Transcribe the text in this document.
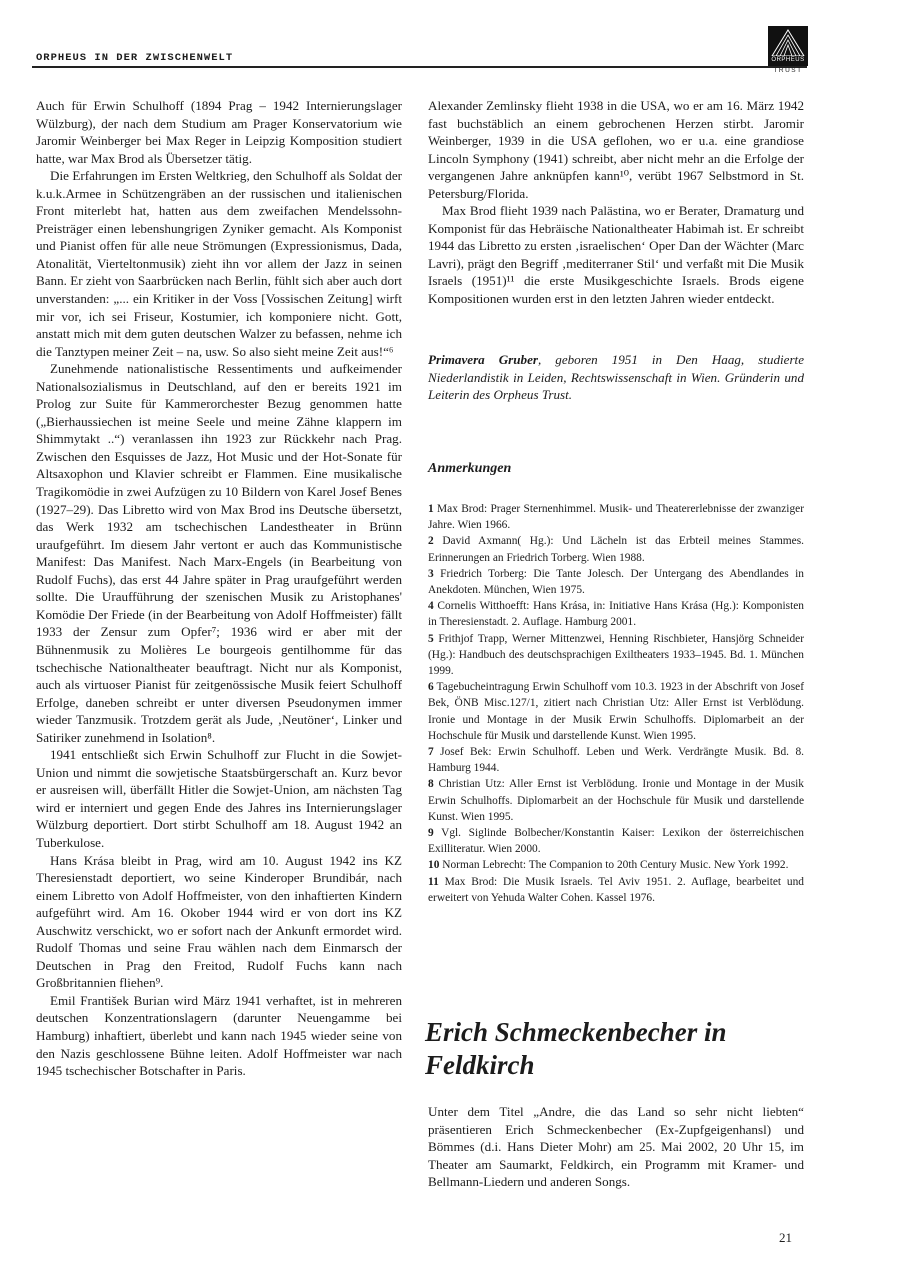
ORPHEUS IN DER ZWISCHENWELT	ORPHEUS
TRUST

Auch für Erwin Schulhoff (1894 Prag – 1942 Internierungslager Wülzburg), der nach dem Studium am Prager Konservatorium wie Jaromir Weinberger bei Max Reger in Leipzig Komposition studiert hatte, war Max Brod als Übersetzer tätig.

Die Erfahrungen im Ersten Weltkrieg, den Schulhoff als Soldat der k.u.k.Armee in Schützengräben an der russischen und italienischen Front miterlebt hat, hatten aus dem zweifachen Mendelssohn-Preisträger einen lebenshungrigen Zyniker gemacht. Als Komponist und Pianist offen für alle neue Strömungen (Expressionismus, Dada, Atonalität, Vierteltonmusik) zieht ihn vor allem der Jazz in seinen Bann. Er zieht von Saarbrücken nach Berlin, fühlt sich aber auch dort unverstanden: „... ein Kritiker in der Voss [Vossischen Zeitung] wirft mir vor, ich sei Friseur, Kostumier, ich komponiere nicht. Gott, anstatt mich mit dem guten deutschen Walzer zu befassen, nehme ich die Tanztypen meiner Zeit – na, usw. So also sieht meine Zeit aus!“⁶

Zunehmende nationalistische Ressentiments und aufkeimender Nationalsozialismus in Deutschland, auf den er bereits 1921 im Prolog zur Suite für Kammerorchester Bezug genommen hatte („Bierhaussiechen ist meine Seele und meine Zähne klappern im Shimmytakt ..“) veranlassen ihn 1923 zur Rückkehr nach Prag. Zwischen den Esquisses de Jazz, Hot Music und der Hot-Sonate für Altsaxophon und Klavier schreibt er Flammen. Eine musikalische Tragikomödie in zwei Aufzügen zu 10 Bildern von Karel Josef Benes (1927–29). Das Libretto wird von Max Brod ins Deutsche übersetzt, das Werk 1932 am tschechischen Landestheater in Brünn uraufgeführt. Im diesem Jahr vertont er auch das Kommunistische Manifest: Das Manifest. Nach Marx-Engels (in Bearbeitung von Rudolf Fuchs), das erst 44 Jahre später in Prag uraufgeführt werden sollte. Die Uraufführung der szenischen Musik zu Aristophanes' Komödie Der Friede (in der Bearbeitung von Adolf Hoffmeister) fällt 1933 der Zensur zum Opfer⁷; 1936 wird er aber mit der Bühnenmusik zu Molières Le bourgeois gentilhomme für das tschechische Nationaltheater beauftragt. Nicht nur als Komponist, auch als virtuoser Pianist für zeitgenössische Musik feiert Schulhoff Erfolge, daneben schreibt er unter diversen Pseudonymen immer wieder Tanzmusik. Trotzdem gerät als Jude, ‚Neutöner‘, Linker und Satiriker zunehmend in Isolation⁸.

1941 entschließt sich Erwin Schulhoff zur Flucht in die Sowjet-Union und nimmt die sowjetische Staatsbürgerschaft an. Kurz bevor er ausreisen will, überfällt Hitler die Sowjet-Union, am nächsten Tag wird er interniert und gegen Ende des Jahres ins Internierungslager Wülzburg deportiert. Dort stirbt Schulhoff am 18. August 1942 an Tuberkulose.

Hans Krása bleibt in Prag, wird am 10. August 1942 ins KZ Theresienstadt deportiert, wo seine Kinderoper Brundibár, nach einem Libretto von Adolf Hoffmeister, von den inhaftierten Kindern aufgeführt wird. Am 16. Okober 1944 wird er von dort ins KZ Auschwitz verschickt, wo er sofort nach der Ankunft ermordet wird. Rudolf Thomas und seine Frau wählen nach dem Einmarsch der Deutschen in Prag den Freitod, Rudolf Fuchs kann nach Großbritannien fliehen⁹.

Emil František Burian wird März 1941 verhaftet, ist in mehreren deutschen Konzentrationslagern (darunter Neuengamme bei Hamburg) inhaftiert, überlebt und kann nach 1945 wieder seine von den Nazis geschlossene Bühne leiten. Adolf Hoffmeister war nach 1945 tschechischer Botschafter in Paris.

Alexander Zemlinsky flieht 1938 in die USA, wo er am 16. März 1942 fast buchstäblich an einem gebrochenen Herzen stirbt. Jaromir Weinberger, 1939 in die USA geflohen, wo er u.a. eine grandiose Lincoln Symphony (1941) schreibt, aber nicht mehr an die Erfolge der vergangenen Jahre anknüpfen kann¹⁰, verübt 1967 Selbstmord in St. Petersburg/Florida.

Max Brod flieht 1939 nach Palästina, wo er Berater, Dramaturg und Komponist für das Hebräische Nationaltheater Habimah ist. Er schreibt 1944 das Libretto zu ersten ‚israelischen‘ Oper Dan der Wächter (Marc Lavri), prägt den Begriff ‚mediterraner Stil‘ und verfaßt mit Die Musik Israels (1951)¹¹ die erste Musikgeschichte Israels. Brods eigene Kompositionen wurden erst in den letzten Jahren wieder entdeckt.

Primavera Gruber, geboren 1951 in Den Haag, studierte Niederlandistik in Leiden, Rechtswissenschaft in Wien. Gründerin und Leiterin des Orpheus Trust.
Anmerkungen

1 Max Brod: Prager Sternenhimmel. Musik- und Theatererlebnisse der zwanziger Jahre. Wien 1966.

2 David Axmann( Hg.): Und Lächeln ist das Erbteil meines Stammes. Erinnerungen an Friedrich Torberg. Wien 1988.

3 Friedrich Torberg: Die Tante Jolesch. Der Untergang des Abendlandes in Anekdoten. München, Wien 1975.

4 Cornelis Witthoefft: Hans Krása, in: Initiative Hans Krása (Hg.): Komponisten in Theresienstadt. 2. Auflage. Hamburg 2001.

5 Frithjof Trapp, Werner Mittenzwei, Henning Rischbieter, Hansjörg Schneider (Hg.): Handbuch des deutschsprachigen Exiltheaters 1933–1945. Bd. 1. München 1999.

6 Tagebucheintragung Erwin Schulhoff vom 10.3. 1923 in der Abschrift von Josef Bek, ÖNB Misc.127/1, zitiert nach Christian Utz: Aller Ernst ist Verblödung. Ironie und Montage in der Musik Erwin Schulhoffs. Diplomarbeit an der Hochschule für Musik und darstellende Kunst. Wien 1995.

7 Josef Bek: Erwin Schulhoff. Leben und Werk. Verdrängte Musik. Bd. 8. Hamburg 1944.

8 Christian Utz: Aller Ernst ist Verblödung. Ironie und Montage in der Musik Erwin Schulhoffs. Diplomarbeit an der Hochschule für Musik und darstellende Kunst. Wien 1995.

9 Vgl. Siglinde Bolbecher/Konstantin Kaiser: Lexikon der österreichischen Exilliteratur. Wien 2000.

10 Norman Lebrecht: The Companion to 20th Century Music. New York 1992.

11 Max Brod: Die Musik Israels. Tel Aviv 1951. 2. Auflage, bearbeitet und erweitert von Yehuda Walter Cohen. Kassel 1976.

Erich Schmeckenbecher in Feldkirch
Unter dem Titel „Andre, die das Land so sehr nicht liebten“ präsentieren Erich Schmeckenbecher (Ex-Zupfgeigenhansl) und Bömmes (d.i. Hans Dieter Mohr) am 25. Mai 2002, 20 Uhr 15, im Theater am Saumarkt, Feldkirch, ein Programm mit Kramer- und Bellmann-Liedern und anderen Songs.
21
